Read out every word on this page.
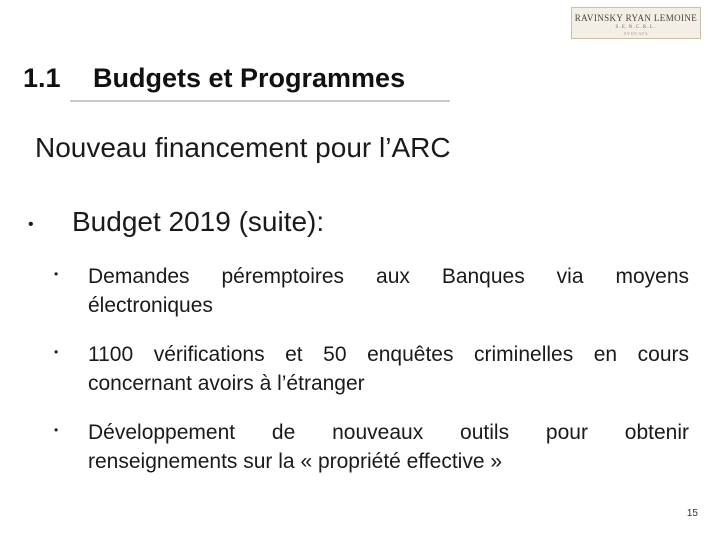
RAVINSKY RYAN LEMOINE
S.E.N.C.R.L.
AVOCATS
1.1 Budgets et Programmes
Nouveau financement pour l’ARC
• Budget 2019 (suite):
• Demandes péremptoires aux Banques via moyens électroniques

• 1100 vérifications et 50 enquêtes criminelles en cours concernant avoirs à l’étranger

• Développement de nouveaux outils pour obtenir renseignements sur la « propriété effective »

15
